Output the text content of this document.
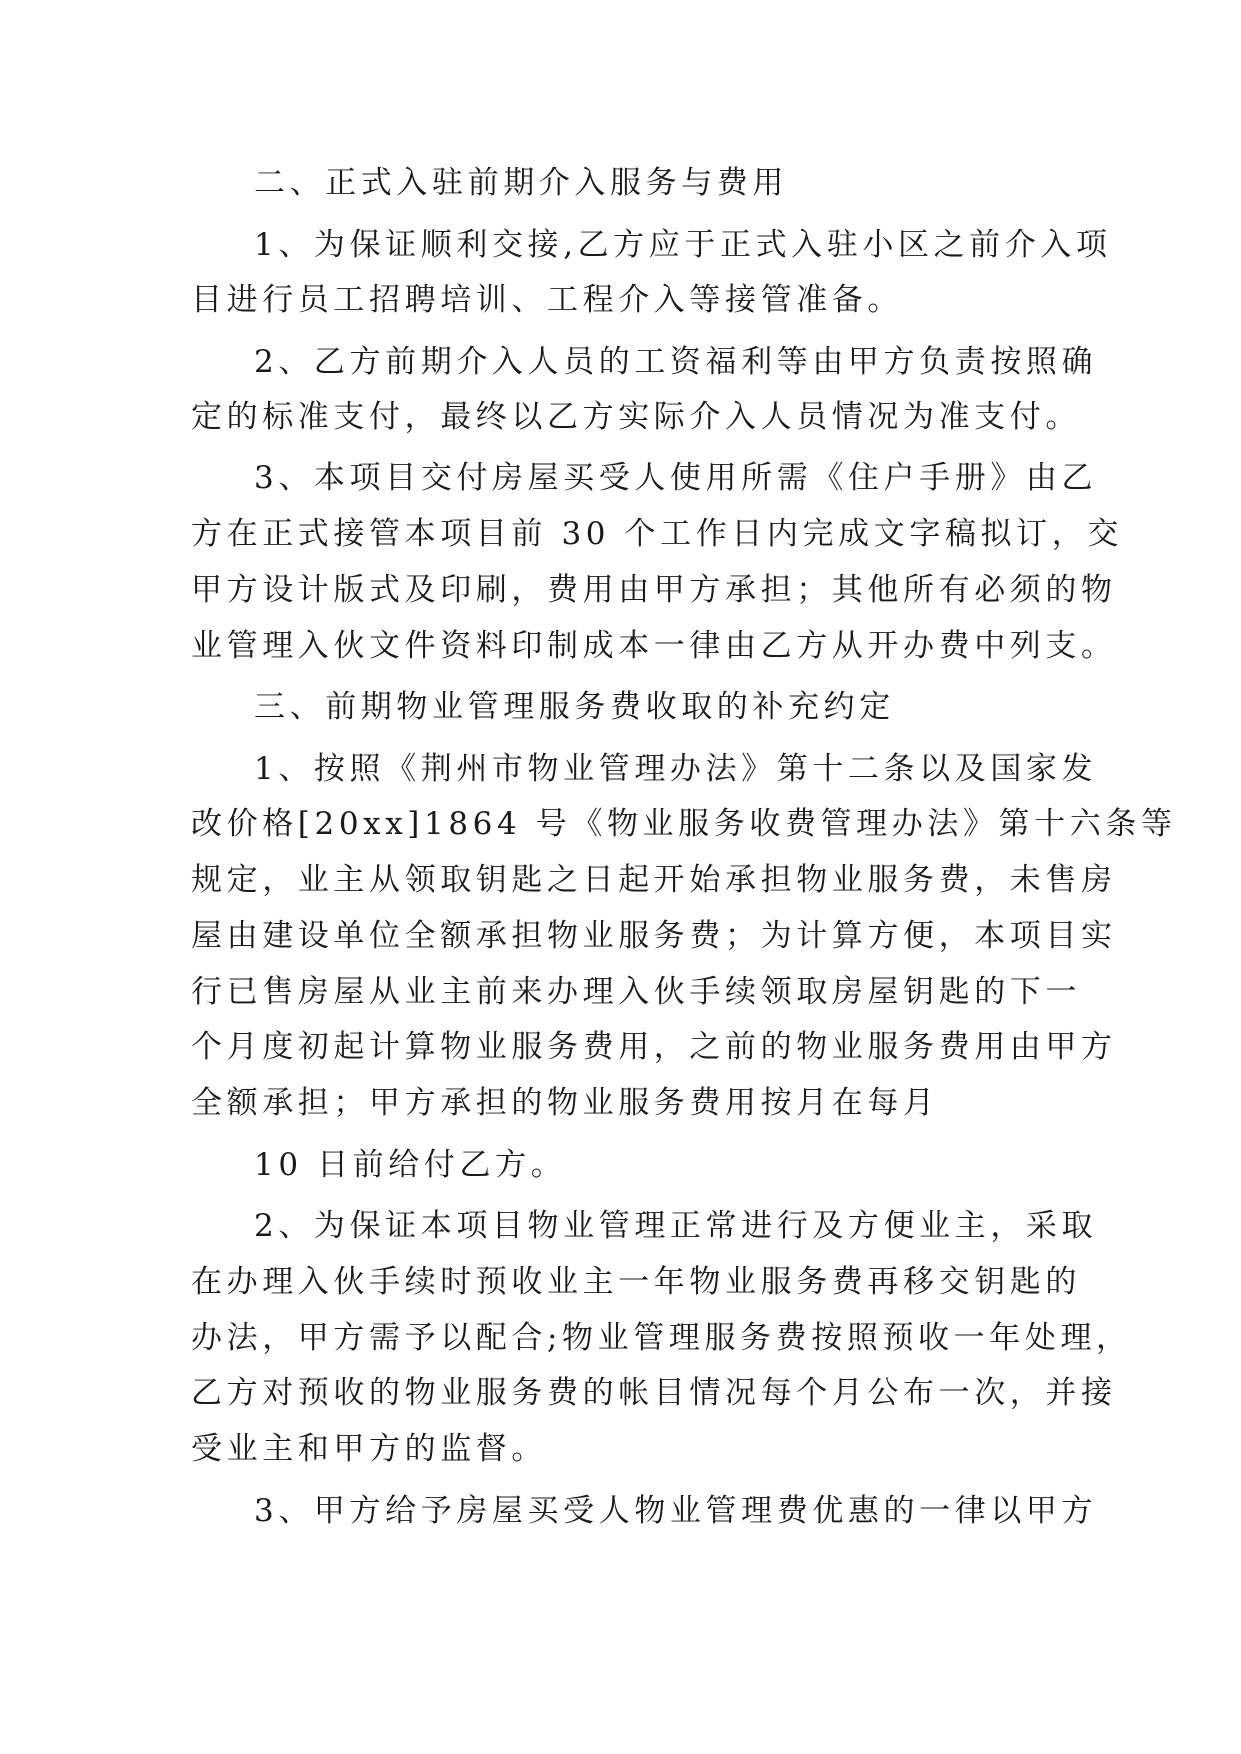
二、正式入驻前期介入服务与费用
1、为保证顺利交接,乙方应于正式入驻小区之前介入项
目进行员工招聘培训、工程介入等接管准备。
2、乙方前期介入人员的工资福利等由甲方负责按照确
定的标准支付，最终以乙方实际介入人员情况为准支付。
3、本项目交付房屋买受人使用所需《住户手册》由乙
方在正式接管本项目前 30 个工作日内完成文字稿拟订，交
甲方设计版式及印刷，费用由甲方承担；其他所有必须的物
业管理入伙文件资料印制成本一律由乙方从开办费中列支。
三、前期物业管理服务费收取的补充约定
1、按照《荆州市物业管理办法》第十二条以及国家发
改价格[20xx]1864 号《物业服务收费管理办法》第十六条等
规定，业主从领取钥匙之日起开始承担物业服务费，未售房
屋由建设单位全额承担物业服务费；为计算方便，本项目实
行已售房屋从业主前来办理入伙手续领取房屋钥匙的下一
个月度初起计算物业服务费用，之前的物业服务费用由甲方
全额承担；甲方承担的物业服务费用按月在每月
10 日前给付乙方。
2、为保证本项目物业管理正常进行及方便业主，采取
在办理入伙手续时预收业主一年物业服务费再移交钥匙的
办法，甲方需予以配合;物业管理服务费按照预收一年处理，
乙方对预收的物业服务费的帐目情况每个月公布一次，并接
受业主和甲方的监督。
3、甲方给予房屋买受人物业管理费优惠的一律以甲方
